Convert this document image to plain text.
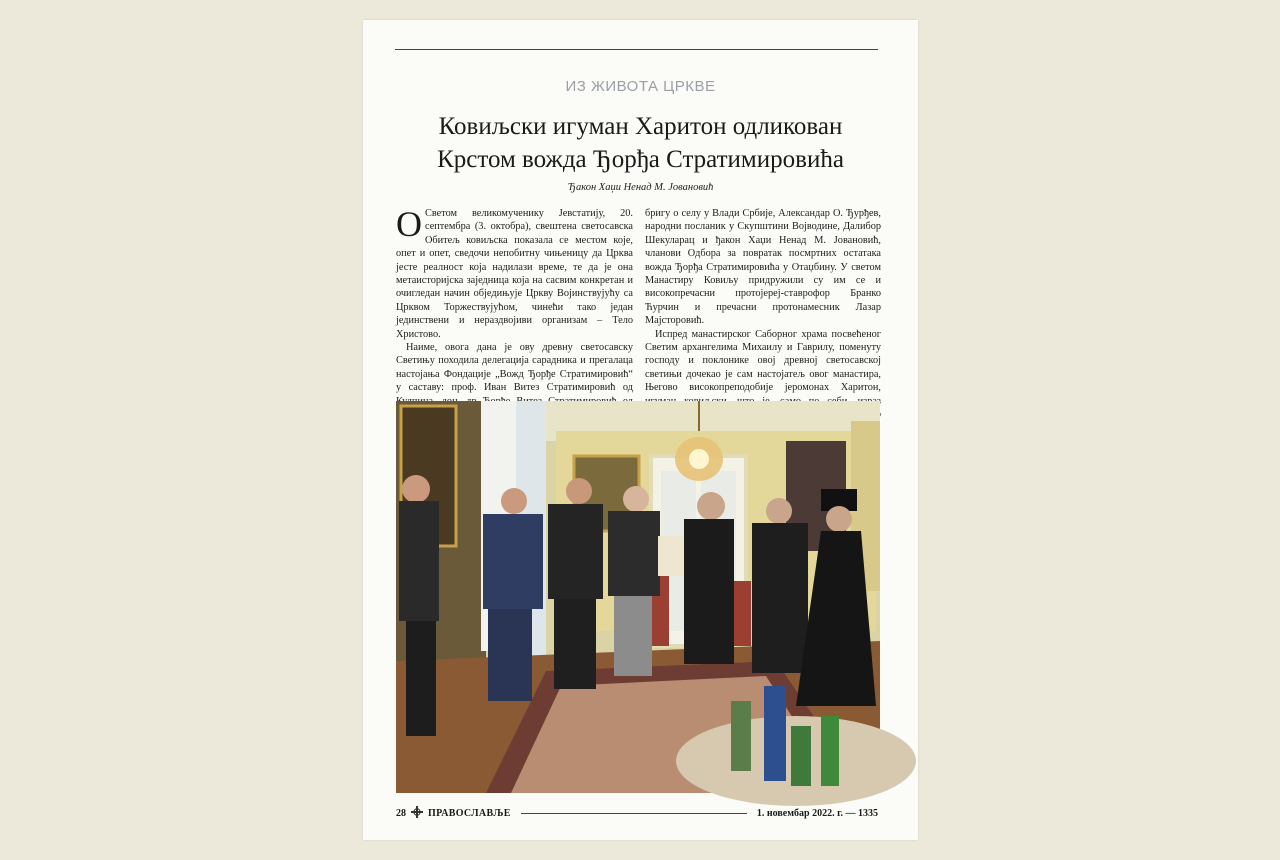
ИЗ ЖИВОТА ЦРКВЕ
Ковиљски игуман Харитон одликован
Крстом вожда Ђорђа Стратимировића
Ђакон Хаџи Ненад М. Јовановић

О Светом великомученику Јевстатију, 20. септембра (3. октобра), свештена светосавска Обитељ ковиљска показала се местом које, опет и опет, сведочи непобитну чињеницу да Црква јесте реалност која надилази време, те да је она метаисторијска заједница која на сасвим конкретан и очигледан начин обједињује Цркву Војинствујућу са Црквом Торжествујућом, чинећи тако један јединствени и нераздвојиви организам – Тело Христово.

Наиме, овога дана је ову древну светосавску Светињу походила делегација сарадника и прегалаца настојања Фондације „Вожд Ђорђе Стратимировић“ у саставу: проф. Иван Витез Стратимировић од

бригу о селу у Влади Србије, Александар О. Ђурђев, народни посланик у Скупштини Војводине, Далибор Шекуларац и ђакон Хаџи Ненад М. Јовановић, чланови Одбора за повратак посмртних остатака вожда Ђорђа Стратимировића у Отаџбину. У светом Манастиру Ковиљу придружили су им се и високопречасни протојереј-ставрофор Бранко Ћурчин и пречасни протонамесник Лазар Мајсторовић.

Испред манастирског Саборног храма посвећеног Светим архангелима Михаилу и Гаврилу, поменуту господу и поклонике овој древној светосавској светињи дочекао је сам настојатељ овог манастира, Његово високопреподобије јеромонах Харитон,

28 ПРАВОСЛАВЉЕ	1. новембар 2022. г. — 1335
